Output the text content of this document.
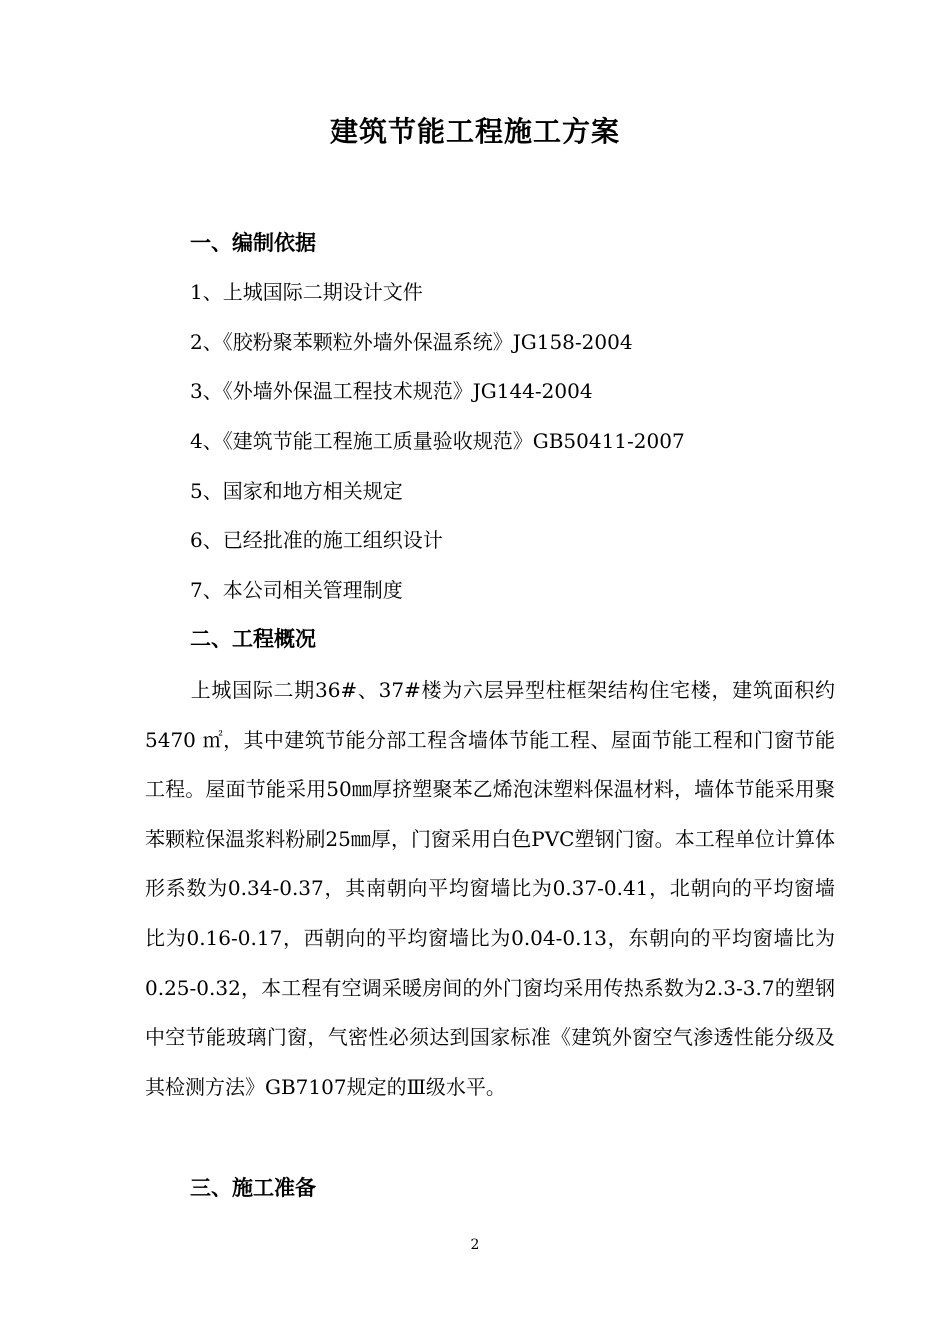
建筑节能工程施工方案
一、编制依据
1、上城国际二期设计文件
2、《胶粉聚苯颗粒外墙外保温系统》JG158-2004
3、《外墙外保温工程技术规范》JG144-2004
4、《建筑节能工程施工质量验收规范》GB50411-2007
5、国家和地方相关规定
6、已经批准的施工组织设计
7、本公司相关管理制度
二、工程概况
上城国际二期36#、37#楼为六层异型柱框架结构住宅楼，建筑面积约 5470 ㎡，其中建筑节能分部工程含墙体节能工程、屋面节能工程和门窗节能工程。屋面节能采用50㎜厚挤塑聚苯乙烯泡沫塑料保温材料，墙体节能采用聚苯颗粒保温浆料粉刷25㎜厚，门窗采用白色PVC塑钢门窗。本工程单位计算体形系数为0.34-0.37，其南朝向平均窗墙比为0.37-0.41，北朝向的平均窗墙比为0.16-0.17，西朝向的平均窗墙比为0.04-0.13，东朝向的平均窗墙比为0.25-0.32，本工程有空调采暖房间的外门窗均采用传热系数为2.3-3.7的塑钢中空节能玻璃门窗，气密性必须达到国家标准《建筑外窗空气渗透性能分级及其检测方法》GB7107规定的Ⅲ级水平。
三、施工准备
2
